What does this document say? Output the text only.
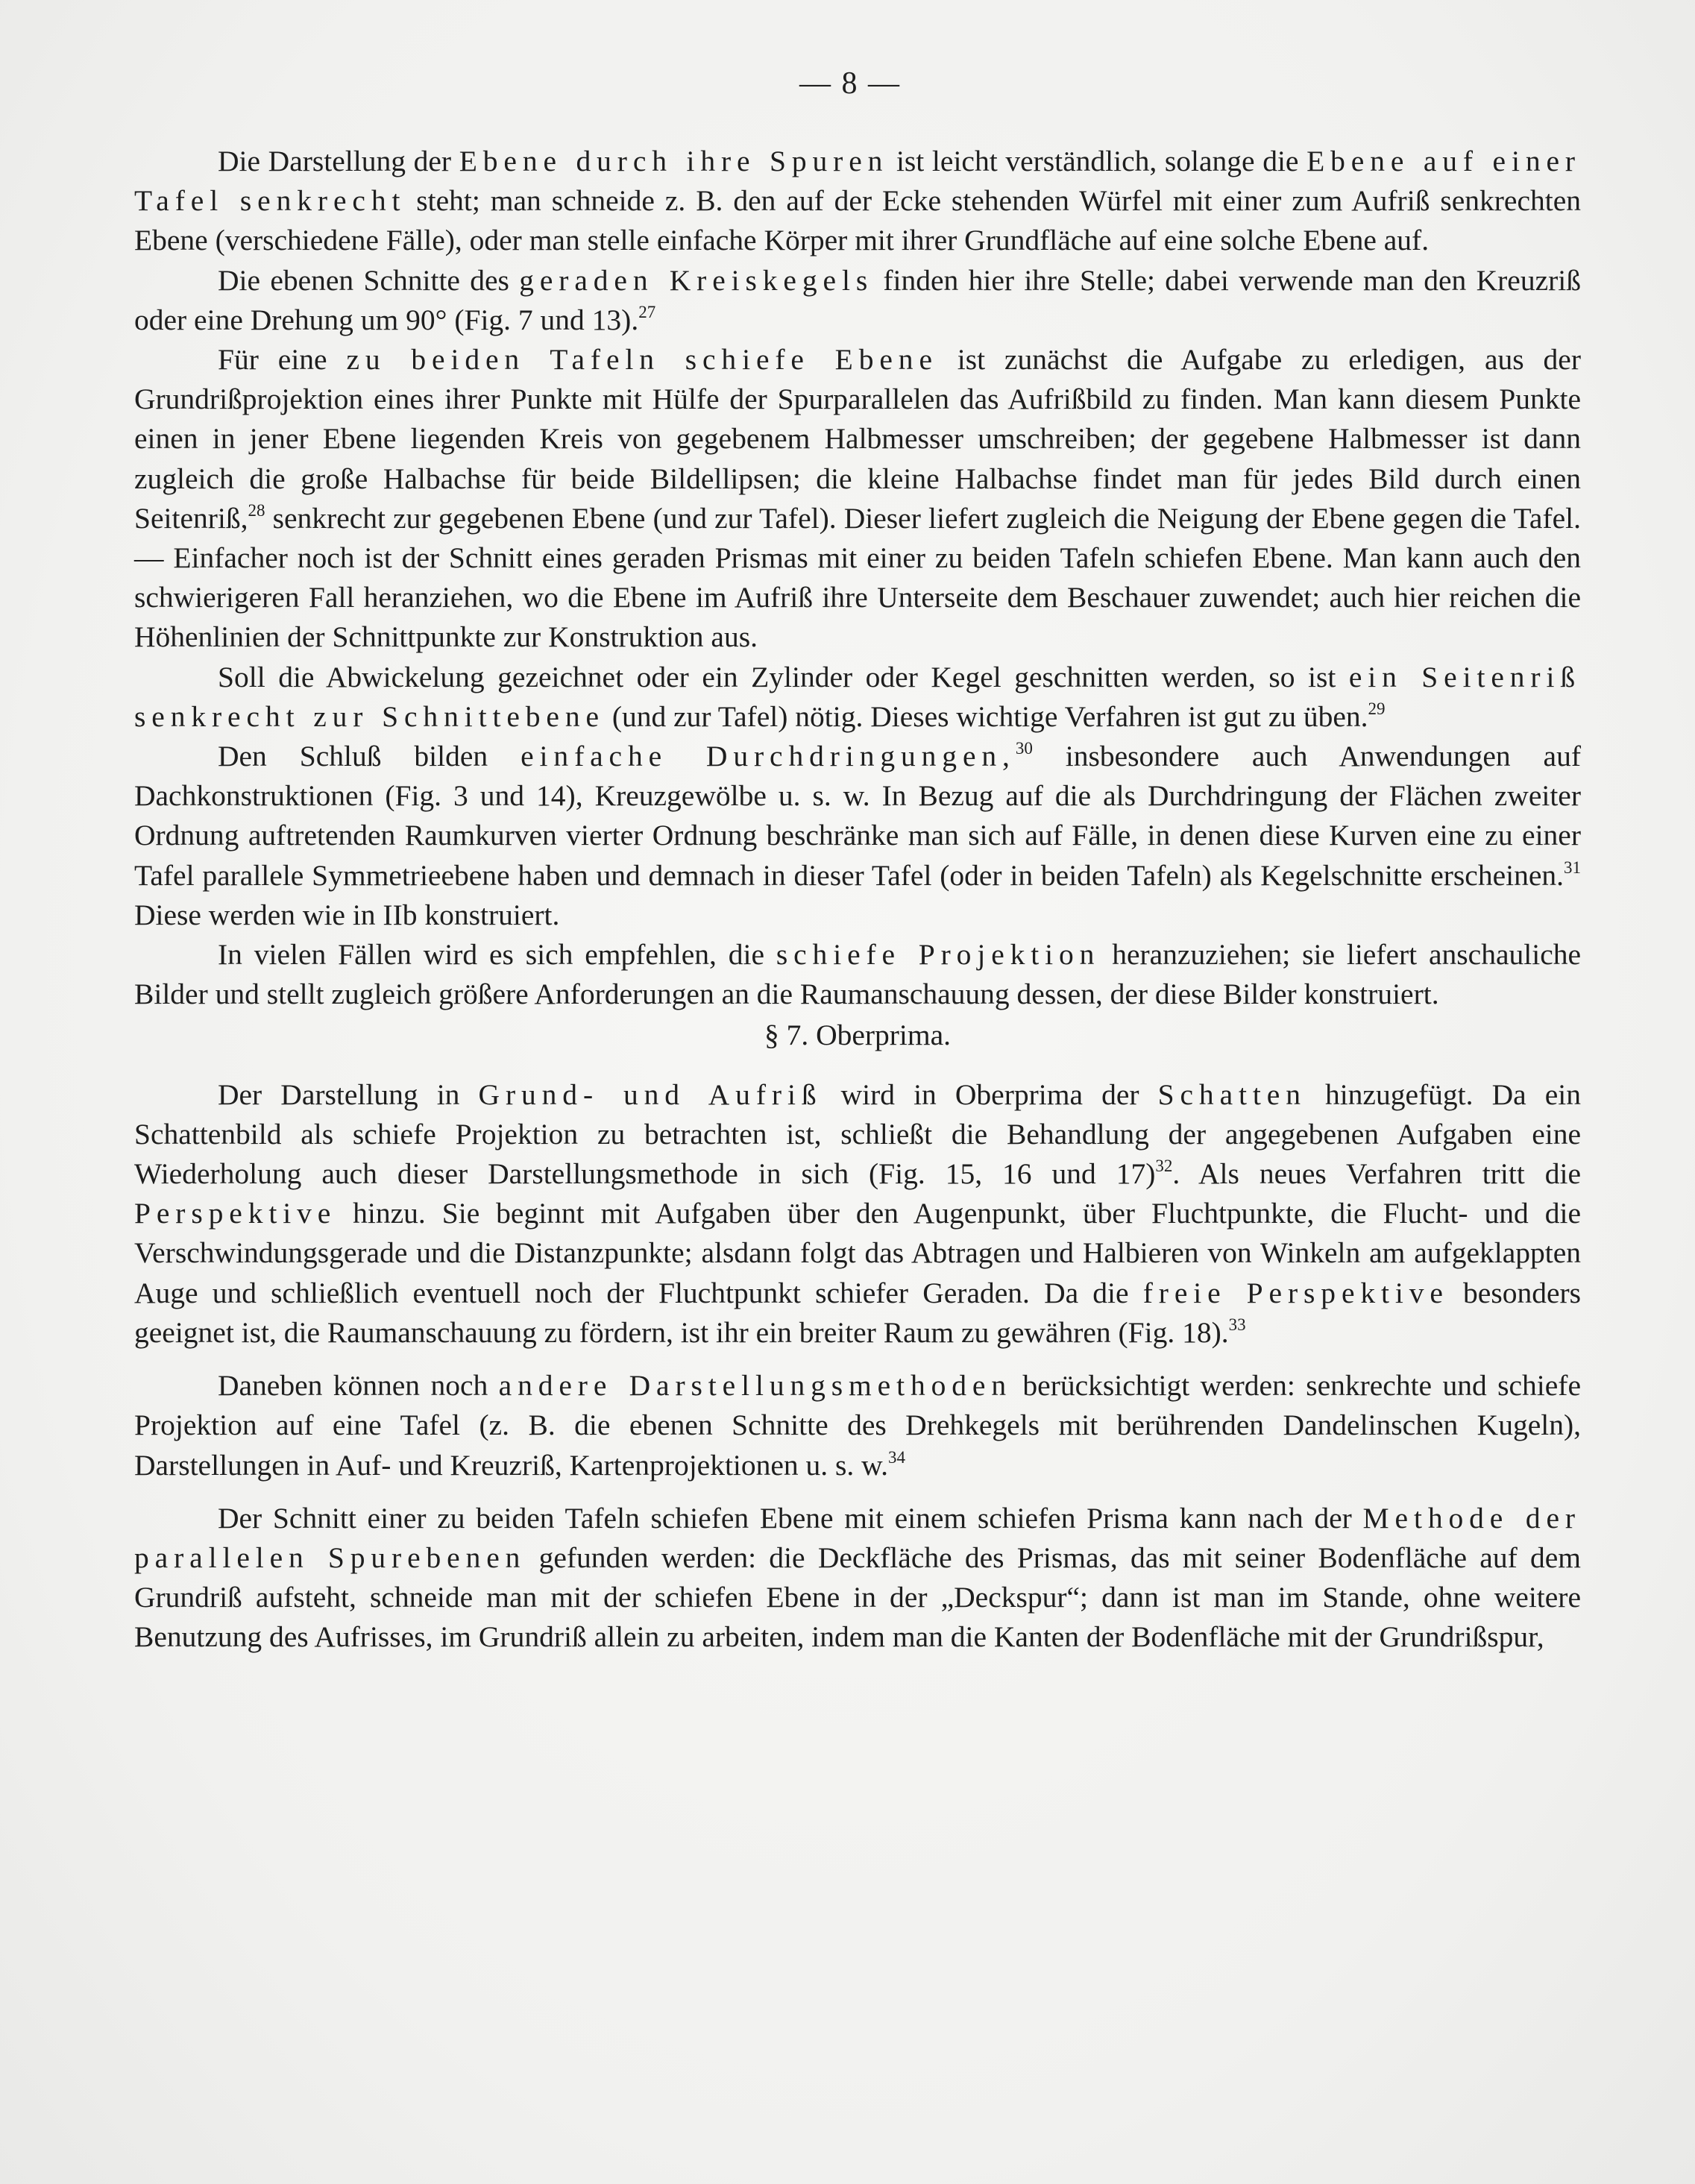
— 8 —

Die Darstellung der Ebene durch ihre Spuren ist leicht verständlich, solange die Ebene auf einer Tafel senkrecht steht; man schneide z. B. den auf der Ecke stehenden Würfel mit einer zum Aufriß senkrechten Ebene (verschiedene Fälle), oder man stelle einfache Körper mit ihrer Grundfläche auf eine solche Ebene auf.

Die ebenen Schnitte des geraden Kreiskegels finden hier ihre Stelle; dabei verwende man den Kreuzriß oder eine Drehung um 90° (Fig. 7 und 13).$^{27}$

Für eine zu beiden Tafeln schiefe Ebene ist zunächst die Aufgabe zu erledigen, aus der Grundrißprojektion eines ihrer Punkte mit Hülfe der Spurparallelen das Aufrißbild zu finden. Man kann diesem Punkte einen in jener Ebene liegenden Kreis von gegebenem Halbmesser umschreiben; der gegebene Halbmesser ist dann zugleich die große Halbachse für beide Bildellipsen; die kleine Halbachse findet man für jedes Bild durch einen Seitenriß,$^{28}$ senkrecht zur gegebenen Ebene (und zur Tafel). Dieser liefert zugleich die Neigung der Ebene gegen die Tafel. — Einfacher noch ist der Schnitt eines geraden Prismas mit einer zu beiden Tafeln schiefen Ebene. Man kann auch den schwierigeren Fall heranziehen, wo die Ebene im Aufriß ihre Unterseite dem Beschauer zuwendet; auch hier reichen die Höhenlinien der Schnittpunkte zur Konstruktion aus.

Soll die Abwickelung gezeichnet oder ein Zylinder oder Kegel geschnitten werden, so ist ein Seitenriß senkrecht zur Schnittebene (und zur Tafel) nötig. Dieses wichtige Verfahren ist gut zu üben.$^{29}$

Den Schluß bilden einfache Durchdringungen,$^{30}$ insbesondere auch Anwendungen auf Dachkonstruktionen (Fig. 3 und 14), Kreuzgewölbe u. s. w. In Bezug auf die als Durchdringung der Flächen zweiter Ordnung auftretenden Raumkurven vierter Ordnung beschränke man sich auf Fälle, in denen diese Kurven eine zu einer Tafel parallele Symmetrieebene haben und demnach in dieser Tafel (oder in beiden Tafeln) als Kegelschnitte erscheinen.$^{31}$ Diese werden wie in IIb konstruiert.

In vielen Fällen wird es sich empfehlen, die schiefe Projektion heranzuziehen; sie liefert anschauliche Bilder und stellt zugleich größere Anforderungen an die Raumanschauung dessen, der diese Bilder konstruiert.

§ 7. Oberprima.

Der Darstellung in Grund- und Aufriß wird in Oberprima der Schatten hinzugefügt. Da ein Schattenbild als schiefe Projektion zu betrachten ist, schließt die Behandlung der angegebenen Aufgaben eine Wiederholung auch dieser Darstellungsmethode in sich (Fig. 15, 16 und 17)$^{32}$. Als neues Verfahren tritt die Perspektive hinzu. Sie beginnt mit Aufgaben über den Augenpunkt, über Fluchtpunkte, die Flucht- und die Verschwindungsgerade und die Distanzpunkte; alsdann folgt das Abtragen und Halbieren von Winkeln am aufgeklappten Auge und schließlich eventuell noch der Fluchtpunkt schiefer Geraden. Da die freie Perspektive besonders geeignet ist, die Raumanschauung zu fördern, ist ihr ein breiter Raum zu gewähren (Fig. 18).$^{33}$

Daneben können noch andere Darstellungsmethoden berücksichtigt werden: senkrechte und schiefe Projektion auf eine Tafel (z. B. die ebenen Schnitte des Drehkegels mit berührenden Dandelinschen Kugeln), Darstellungen in Auf- und Kreuzriß, Kartenprojektionen u. s. w.$^{34}$

Der Schnitt einer zu beiden Tafeln schiefen Ebene mit einem schiefen Prisma kann nach der Methode der parallelen Spurebenen gefunden werden: die Deckfläche des Prismas, das mit seiner Bodenfläche auf dem Grundriß aufsteht, schneide man mit der schiefen Ebene in der „Deckspur“; dann ist man im Stande, ohne weitere Benutzung des Aufrisses, im Grundriß allein zu arbeiten, indem man die Kanten der Bodenfläche mit der Grundrißspur,
